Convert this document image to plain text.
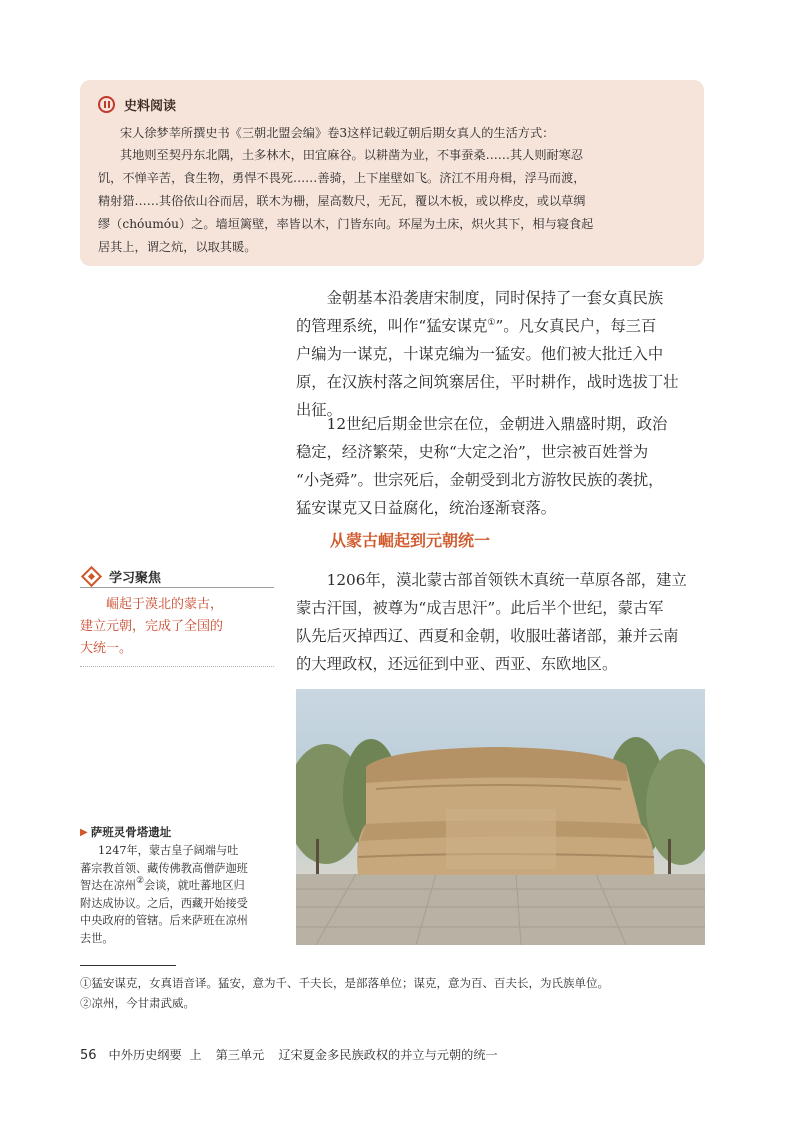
史料阅读
宋人徐梦莘所撰史书《三朝北盟会编》卷3这样记载辽朝后期女真人的生活方式：
其地则至契丹东北隅，土多林木，田宜麻谷。以耕凿为业，不事蚕桑……其人则耐寒忍
饥，不惮辛苦，食生物，勇悍不畏死……善骑，上下崖壁如飞。济江不用舟楫，浮马而渡，
精射猎……其俗依山谷而居，联木为栅，屋高数尺，无瓦，覆以木板，或以桦皮，或以草绸
缪（chóumóu）之。墙垣篱壁，率皆以木，门皆东向。环屋为土床，炽火其下，相与寝食起
居其上，谓之炕，以取其暖。
金朝基本沿袭唐宋制度，同时保持了一套女真民族
的管理系统，叫作“猛安谋克①”。凡女真民户，每三百
户编为一谋克，十谋克编为一猛安。他们被大批迁入中
原，在汉族村落之间筑寨居住，平时耕作，战时选拔丁壮
出征。
12世纪后期金世宗在位，金朝进入鼎盛时期，政治
稳定，经济繁荣，史称“大定之治”，世宗被百姓誉为
“小尧舜”。世宗死后，金朝受到北方游牧民族的袭扰，
猛安谋克又日益腐化，统治逐渐衰落。
从蒙古崛起到元朝统一
学习聚焦
崛起于漠北的蒙古，
建立元朝，完成了全国的
大统一。
1206年，漠北蒙古部首领铁木真统一草原各部，建立
蒙古汗国，被尊为“成吉思汗”。此后半个世纪，蒙古军
队先后灭掉西辽、西夏和金朝，收服吐蕃诸部，兼并云南
的大理政权，还远征到中亚、西亚、东欧地区。
▶ 萨班灵骨塔遗址
1247年，蒙古皇子阔端与吐
蕃宗教首领、藏传佛教高僧萨迦班
智达在凉州②会谈，就吐蕃地区归
附达成协议。之后，西藏开始接受
中央政府的管辖。后来萨班在凉州
去世。
①猛安谋克，女真语音译。猛安，意为千、千夫长，是部落单位；谋克，意为百、百夫长，为氏族单位。
②凉州，今甘肃武威。
56 中外历史纲要 上 第三单元 辽宋夏金多民族政权的并立与元朝的统一
